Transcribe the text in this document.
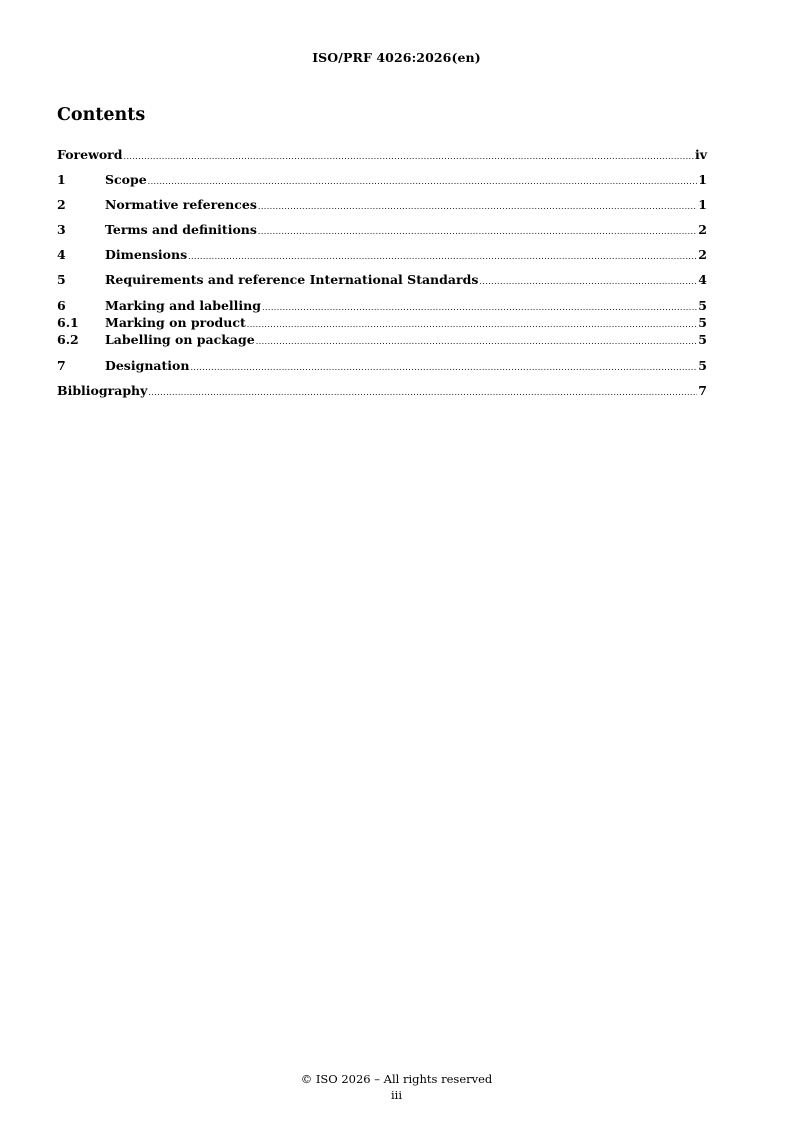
ISO/PRF 4026:2026(en)
Contents
Foreword .....	iv
1	Scope .....	1
2	Normative references .....	1
3	Terms and definitions .....	2
4	Dimensions .....	2
5	Requirements and reference International Standards .....	4
6	Marking and labelling .....	5
6.1	Marking on product .....	5
6.2	Labelling on package .....	5
7	Designation .....	5
Bibliography .....	7
© ISO 2026 – All rights reserved
iii
